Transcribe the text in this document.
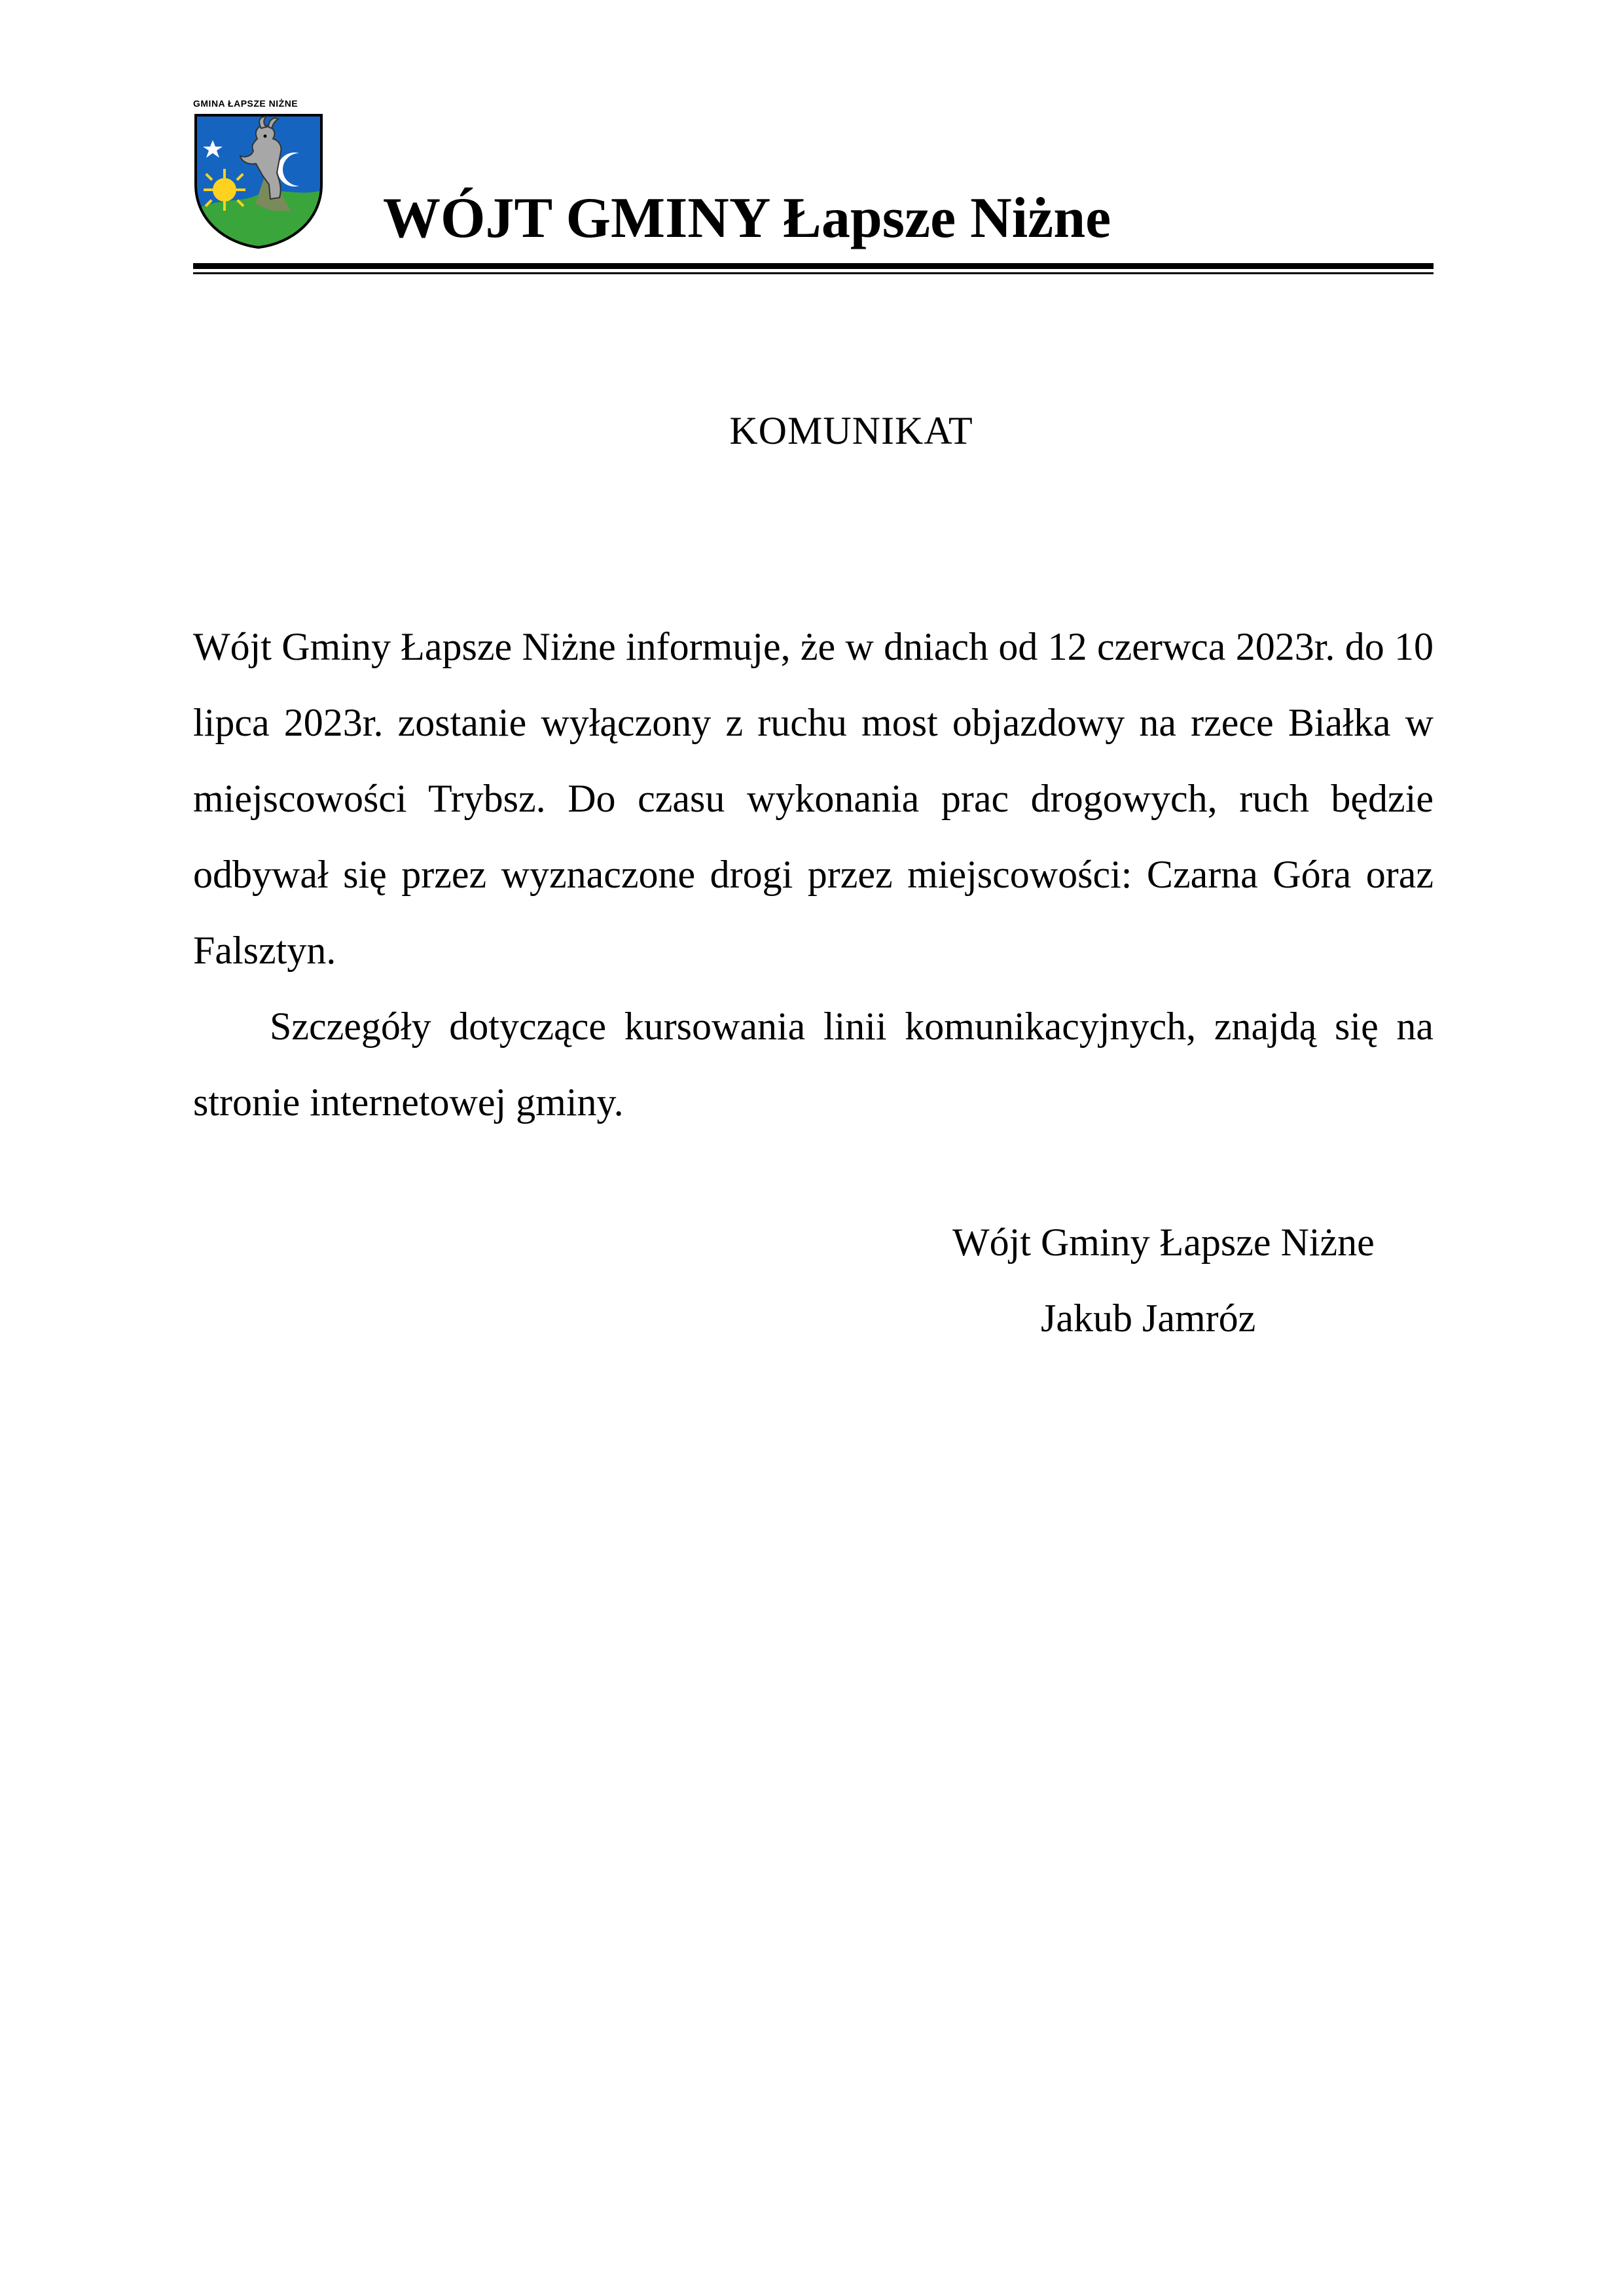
GMINA ŁAPSZE NIŻNE
WÓJT GMINY Łapsze Niżne
KOMUNIKAT

Wójt Gminy Łapsze Niżne informuje, że w dniach od 12 czerwca 2023r. do 10 lipca 2023r. zostanie wyłączony z ruchu most objazdowy na rzece Białka w miejscowości Trybsz. Do czasu wykonania prac drogowych, ruch będzie odbywał się przez wyznaczone drogi przez miejscowości: Czarna Góra oraz Falsztyn.

Szczegóły dotyczące kursowania linii komunikacyjnych, znajdą się na stronie internetowej gminy.

Wójt Gminy Łapsze Niżne
Jakub Jamróz
